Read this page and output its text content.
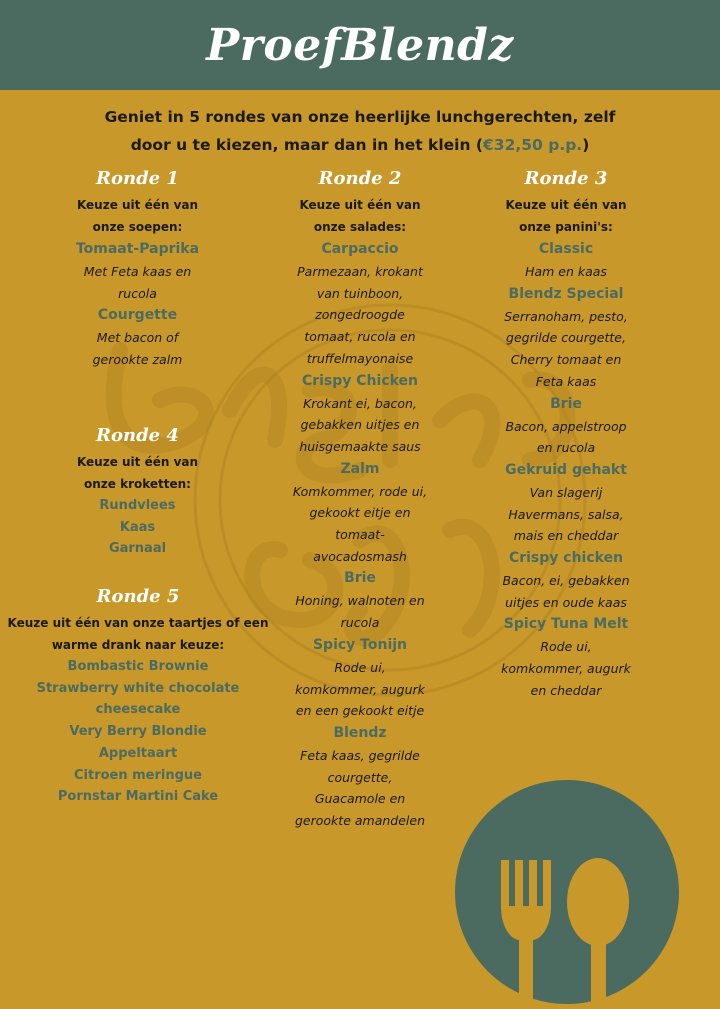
ProefBlendz
Geniet in 5 rondes van onze heerlijke lunchgerechten, zelf
door u te kiezen, maar dan in het klein (€32,50 p.p.)
Ronde 1
Keuze uit één van
onze soepen:
Tomaat-Paprika
Met Feta kaas en
rucola
Courgette
Met bacon of
gerookte zalm
Ronde 4
Keuze uit één van
onze kroketten:
Rundvlees
Kaas
Garnaal
Ronde 5
Keuze uit één van onze taartjes of een
warme drank naar keuze:
Bombastic Brownie
Strawberry white chocolate cheesecake
Very Berry Blondie
Appeltaart
Citroen meringue
Pornstar Martini Cake
Ronde 2
Keuze uit één van
onze salades:
Carpaccio
Parmezaan, krokant
van tuinboon,
zongedroogde
tomaat, rucola en
truffelmayonaise
Crispy Chicken
Krokant ei, bacon,
gebakken uitjes en
huisgemaakte saus
Zalm
Komkommer, rode ui,
gekookt eitje en
tomaat-
avocadosmash
Brie
Honing, walnoten en
rucola
Spicy Tonijn
Rode ui,
komkommer, augurk
en een gekookt eitje
Blendz
Feta kaas, gegrilde
courgette,
Guacamole en
gerookte amandelen
Ronde 3
Keuze uit één van
onze panini's:
Classic
Ham en kaas
Blendz Special
Serranoham, pesto,
gegrilde courgette,
Cherry tomaat en
Feta kaas
Brie
Bacon, appelstroop
en rucola
Gekruid gehakt
Van slagerij
Havermans, salsa,
mais en cheddar
Crispy chicken
Bacon, ei, gebakken
uitjes en oude kaas
Spicy Tuna Melt
Rode ui,
komkommer, augurk
en cheddar
